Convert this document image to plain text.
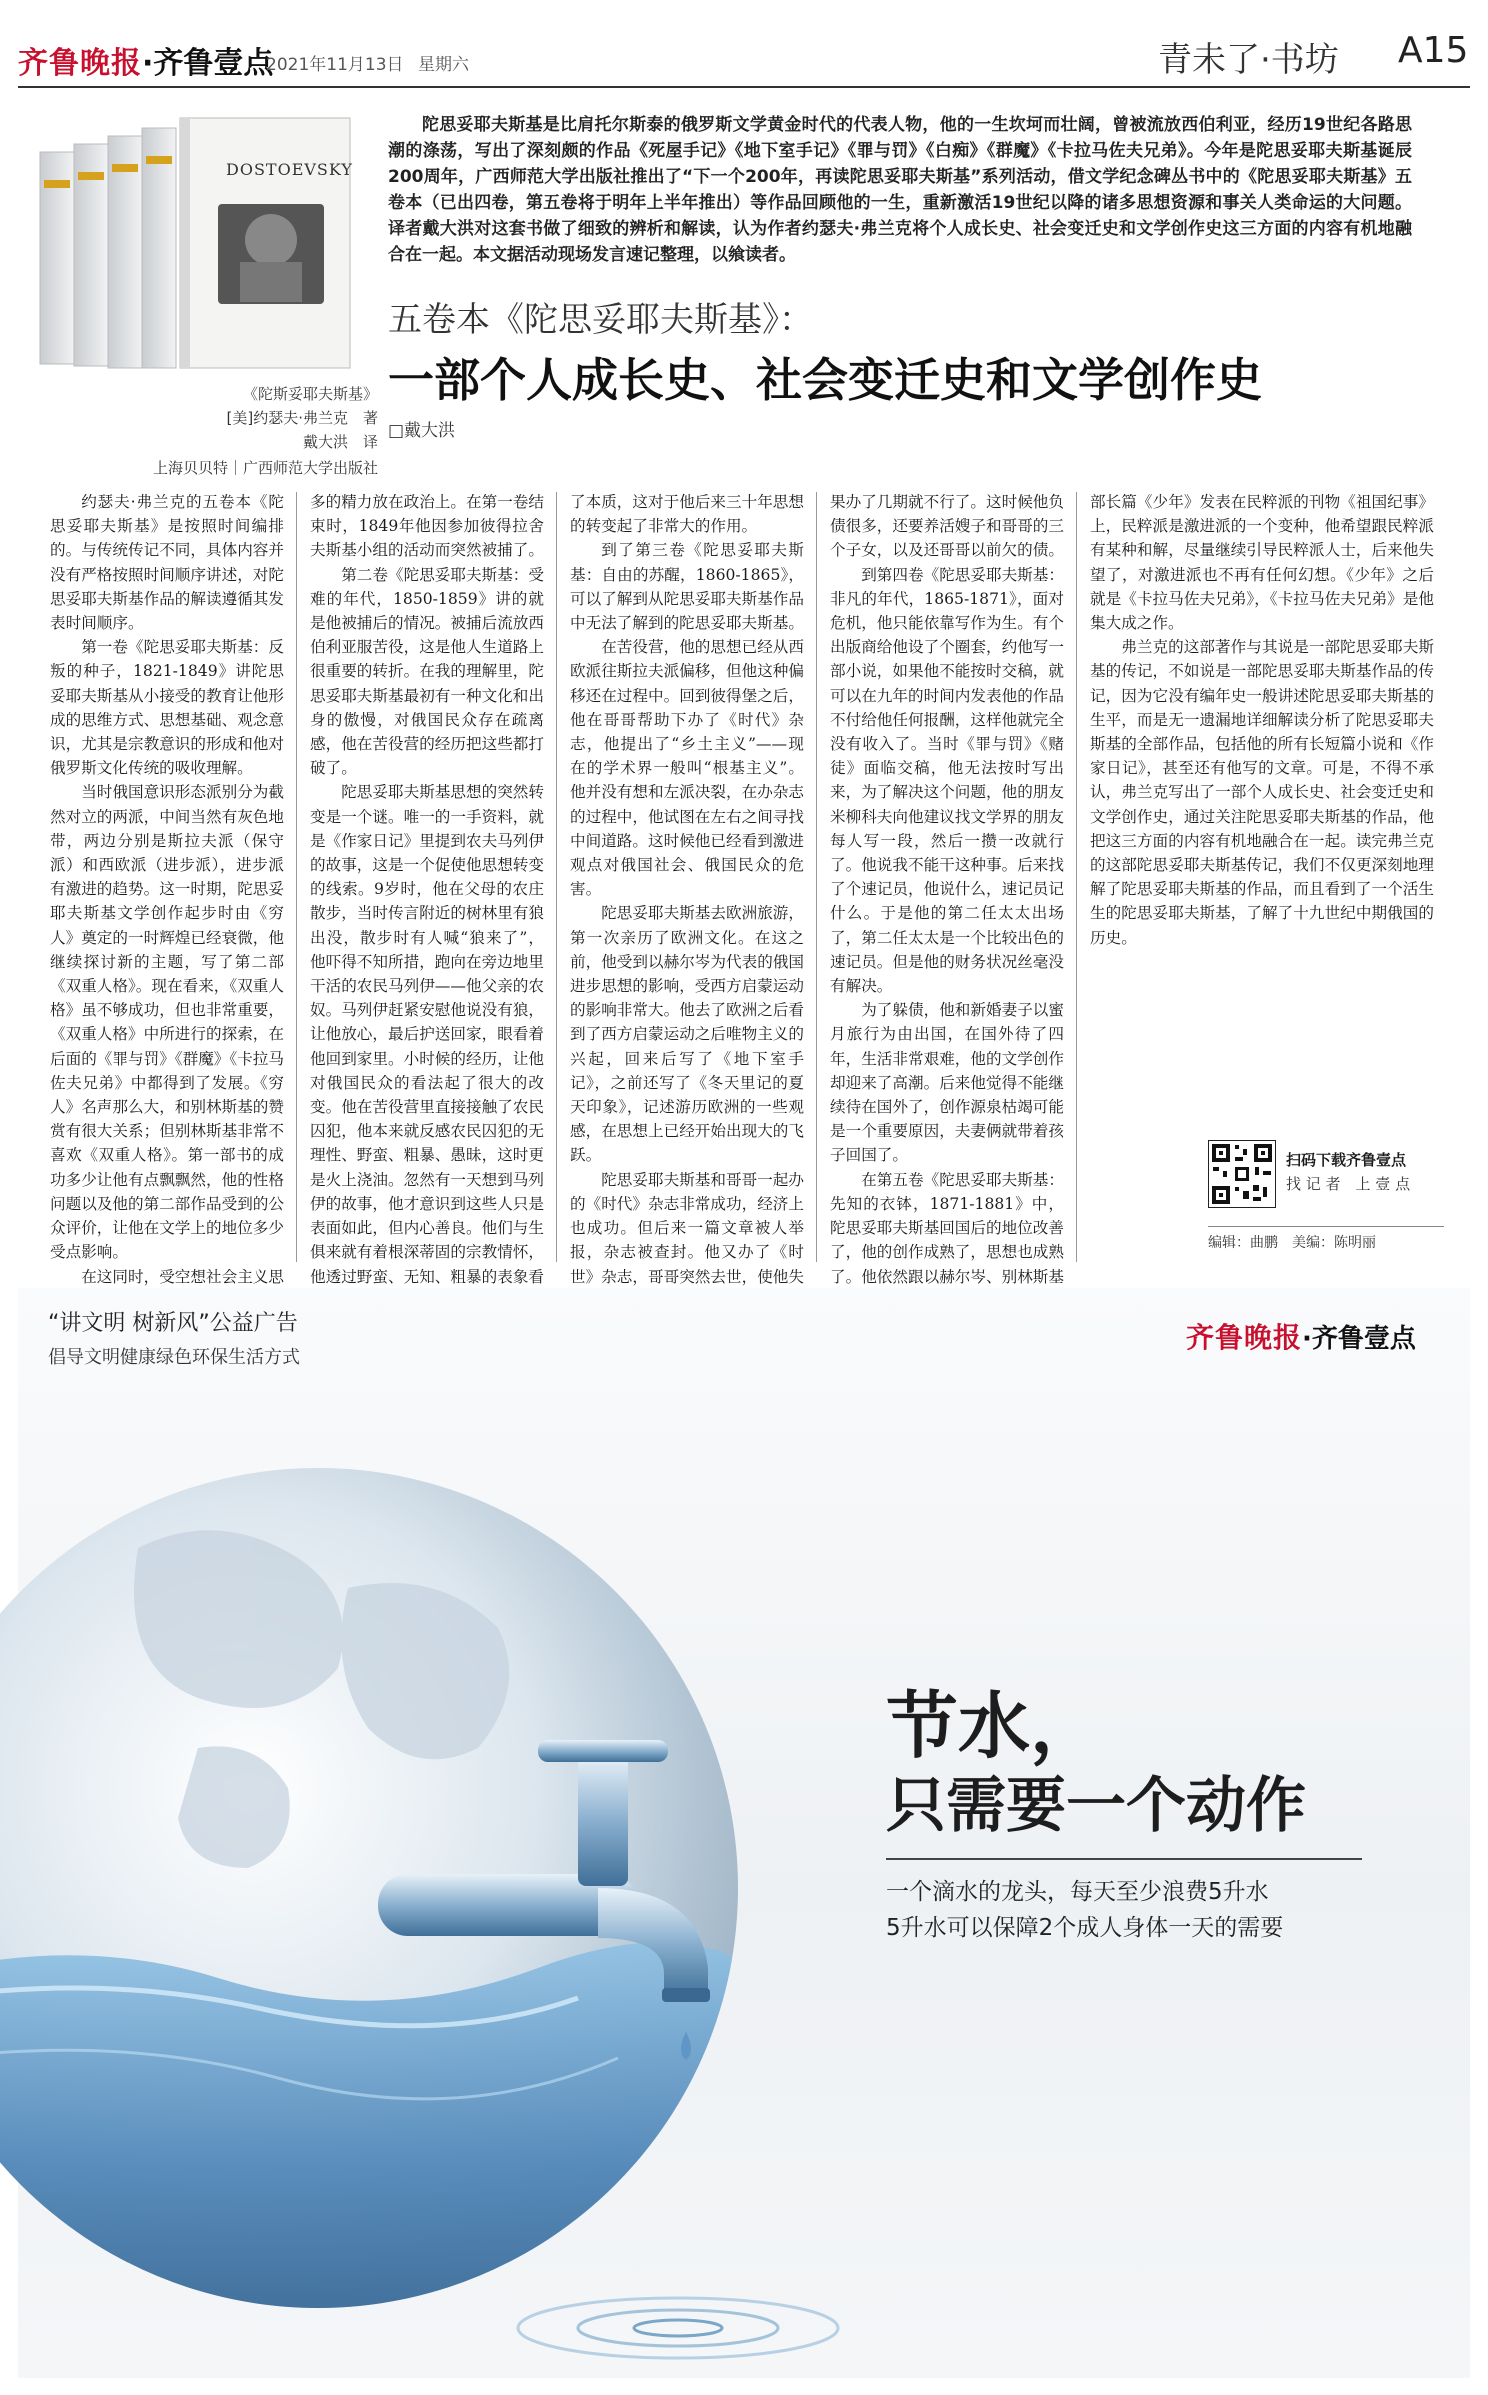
齐鲁晚报·齐鲁壹点
2021年11月13日 星期六	青未了·书坊 A15
DOSTOEVSKY
《陀斯妥耶夫斯基》
[美]约瑟夫·弗兰克　著
戴大洪　译
上海贝贝特｜广西师范大学出版社
陀思妥耶夫斯基是比肩托尔斯泰的俄罗斯文学黄金时代的代表人物，他的一生坎坷而壮阔，曾被流放西伯利亚，经历19世纪各路思潮的涤荡，写出了深刻颇的作品《死屋手记》《地下室手记》《罪与罚》《白痴》《群魔》《卡拉马佐夫兄弟》。今年是陀思妥耶夫斯基诞辰200周年，广西师范大学出版社推出了“下一个200年，再读陀思妥耶夫斯基”系列活动，借文学纪念碑丛书中的《陀思妥耶夫斯基》五卷本（已出四卷，第五卷将于明年上半年推出）等作品回顾他的一生，重新激活19世纪以降的诸多思想资源和事关人类命运的大问题。译者戴大洪对这套书做了细致的辨析和解读，认为作者约瑟夫·弗兰克将个人成长史、社会变迁史和文学创作史这三方面的内容有机地融合在一起。本文据活动现场发言速记整理，以飨读者。
五卷本《陀思妥耶夫斯基》：
一部个人成长史、社会变迁史和文学创作史
□戴大洪

约瑟夫·弗兰克的五卷本《陀思妥耶夫斯基》是按照时间编排的。与传统传记不同，具体内容并没有严格按照时间顺序讲述，对陀思妥耶夫斯基作品的解读遵循其发表时间顺序。

第一卷《陀思妥耶夫斯基：反叛的种子，1821-1849》讲陀思妥耶夫斯基从小接受的教育让他形成的思维方式、思想基础、观念意识，尤其是宗教意识的形成和他对俄罗斯文化传统的吸收理解。

当时俄国意识形态派别分为截然对立的两派，中间当然有灰色地带，两边分别是斯拉夫派（保守派）和西欧派（进步派），进步派有激进的趋势。这一时期，陀思妥耶夫斯基文学创作起步时由《穷人》奠定的一时辉煌已经衰微，他继续探讨新的主题，写了第二部《双重人格》。现在看来，《双重人格》虽不够成功，但也非常重要，《双重人格》中所进行的探索，在后面的《罪与罚》《群魔》《卡拉马佐夫兄弟》中都得到了发展。《穷人》名声那么大，和别林斯基的赞赏有很大关系；但别林斯基非常不喜欢《双重人格》。第一部书的成功多少让他有点飘飘然，他的性格问题以及他的第二部作品受到的公众评价，让他在文学上的地位多少受点影响。

在这同时，受空想社会主义思

多的精力放在政治上。在第一卷结束时，1849年他因参加彼得拉舍夫斯基小组的活动而突然被捕了。

第二卷《陀思妥耶夫斯基：受难的年代，1850-1859》讲的就是他被捕后的情况。被捕后流放西伯利亚服苦役，这是他人生道路上很重要的转折。在我的理解里，陀思妥耶夫斯基最初有一种文化和出身的傲慢，对俄国民众存在疏离感，他在苦役营的经历把这些都打破了。

陀思妥耶夫斯基思想的突然转变是一个谜。唯一的一手资料，就是《作家日记》里提到农夫马列伊的故事，这是一个促使他思想转变的线索。9岁时，他在父母的农庄散步，当时传言附近的树林里有狼出没，散步时有人喊“狼来了”，他吓得不知所措，跑向在旁边地里干活的农民马列伊——他父亲的农奴。马列伊赶紧安慰他说没有狼，让他放心，最后护送回家，眼看着他回到家里。小时候的经历，让他对俄国民众的看法起了很大的改变。他在苦役营里直接接触了农民囚犯，他本来就反感农民囚犯的无理性、野蛮、粗暴、愚昧，这时更是火上浇油。忽然有一天想到马列伊的故事，他才意识到这些人只是表面如此，但内心善良。他们与生俱来就有着根深蒂固的宗教情怀，他透过野蛮、无知、粗暴的表象看

了本质，这对于他后来三十年思想的转变起了非常大的作用。

到了第三卷《陀思妥耶夫斯基：自由的苏醒，1860-1865》，可以了解到从陀思妥耶夫斯基作品中无法了解到的陀思妥耶夫斯基。

在苦役营，他的思想已经从西欧派往斯拉夫派偏移，但他这种偏移还在过程中。回到彼得堡之后，他在哥哥帮助下办了《时代》杂志，他提出了“乡土主义”——现在的学术界一般叫“根基主义”。他并没有想和左派决裂，在办杂志的过程中，他试图在左右之间寻找中间道路。这时候他已经看到激进观点对俄国社会、俄国民众的危害。

陀思妥耶夫斯基去欧洲旅游，第一次亲历了欧洲文化。在这之前，他受到以赫尔岑为代表的俄国进步思想的影响，受西方启蒙运动的影响非常大。他去了欧洲之后看到了西方启蒙运动之后唯物主义的兴起，回来后写了《地下室手记》，之前还写了《冬天里记的夏天印象》，记述游历欧洲的一些观感，在思想上已经开始出现大的飞跃。

陀思妥耶夫斯基和哥哥一起办的《时代》杂志非常成功，经济上也成功。但后来一篇文章被人举报，杂志被查封。他又办了《时世》杂志，哥哥突然去世，使他失

果办了几期就不行了。这时候他负债很多，还要养活嫂子和哥哥的三个子女，以及还哥哥以前欠的债。

到第四卷《陀思妥耶夫斯基：非凡的年代，1865-1871》，面对危机，他只能依靠写作为生。有个出版商给他设了个圈套，约他写一部小说，如果他不能按时交稿，就可以在九年的时间内发表他的作品不付给他任何报酬，这样他就完全没有收入了。当时《罪与罚》《赌徒》面临交稿，他无法按时写出来，为了解决这个问题，他的朋友米柳科夫向他建议找文学界的朋友每人写一段，然后一攒一改就行了。他说我不能干这种事。后来找了个速记员，他说什么，速记员记什么。于是他的第二任太太出场了，第二任太太是一个比较出色的速记员。但是他的财务状况丝毫没有解决。

为了躲债，他和新婚妻子以蜜月旅行为由出国，在国外待了四年，生活非常艰难，他的文学创作却迎来了高潮。后来他觉得不能继续待在国外了，创作源泉枯竭可能是一个重要原因，夫妻俩就带着孩子回国了。

在第五卷《陀思妥耶夫斯基：先知的衣钵，1871-1881》中，陀思妥耶夫斯基回国后的地位改善了，他的创作成熟了，思想也成熟了。他依然跟以赫尔岑、别林斯基

部长篇《少年》发表在民粹派的刊物《祖国纪事》上，民粹派是激进派的一个变种，他希望跟民粹派有某种和解，尽量继续引导民粹派人士，后来他失望了，对激进派也不再有任何幻想。《少年》之后就是《卡拉马佐夫兄弟》，《卡拉马佐夫兄弟》是他集大成之作。

弗兰克的这部著作与其说是一部陀思妥耶夫斯基的传记，不如说是一部陀思妥耶夫斯基作品的传记，因为它没有编年史一般讲述陀思妥耶夫斯基的生平，而是无一遗漏地详细解读分析了陀思妥耶夫斯基的全部作品，包括他的所有长短篇小说和《作家日记》，甚至还有他写的文章。可是，不得不承认，弗兰克写出了一部个人成长史、社会变迁史和文学创作史，通过关注陀思妥耶夫斯基的作品，他把这三方面的内容有机地融合在一起。读完弗兰克的这部陀思妥耶夫斯基传记，我们不仅更深刻地理解了陀思妥耶夫斯基的作品，而且看到了一个活生生的陀思妥耶夫斯基，了解了十九世纪中期俄国的历史。

扫码下载齐鲁壹点
找 记 者　上 壹 点
编辑：曲鹏　美编：陈明丽
“讲文明 树新风”公益广告
倡导文明健康绿色环保生活方式
齐鲁晚报·齐鲁壹点
节水，
只需要一个动作
一个滴水的龙头，每天至少浪费5升水
5升水可以保障2个成人身体一天的需要
